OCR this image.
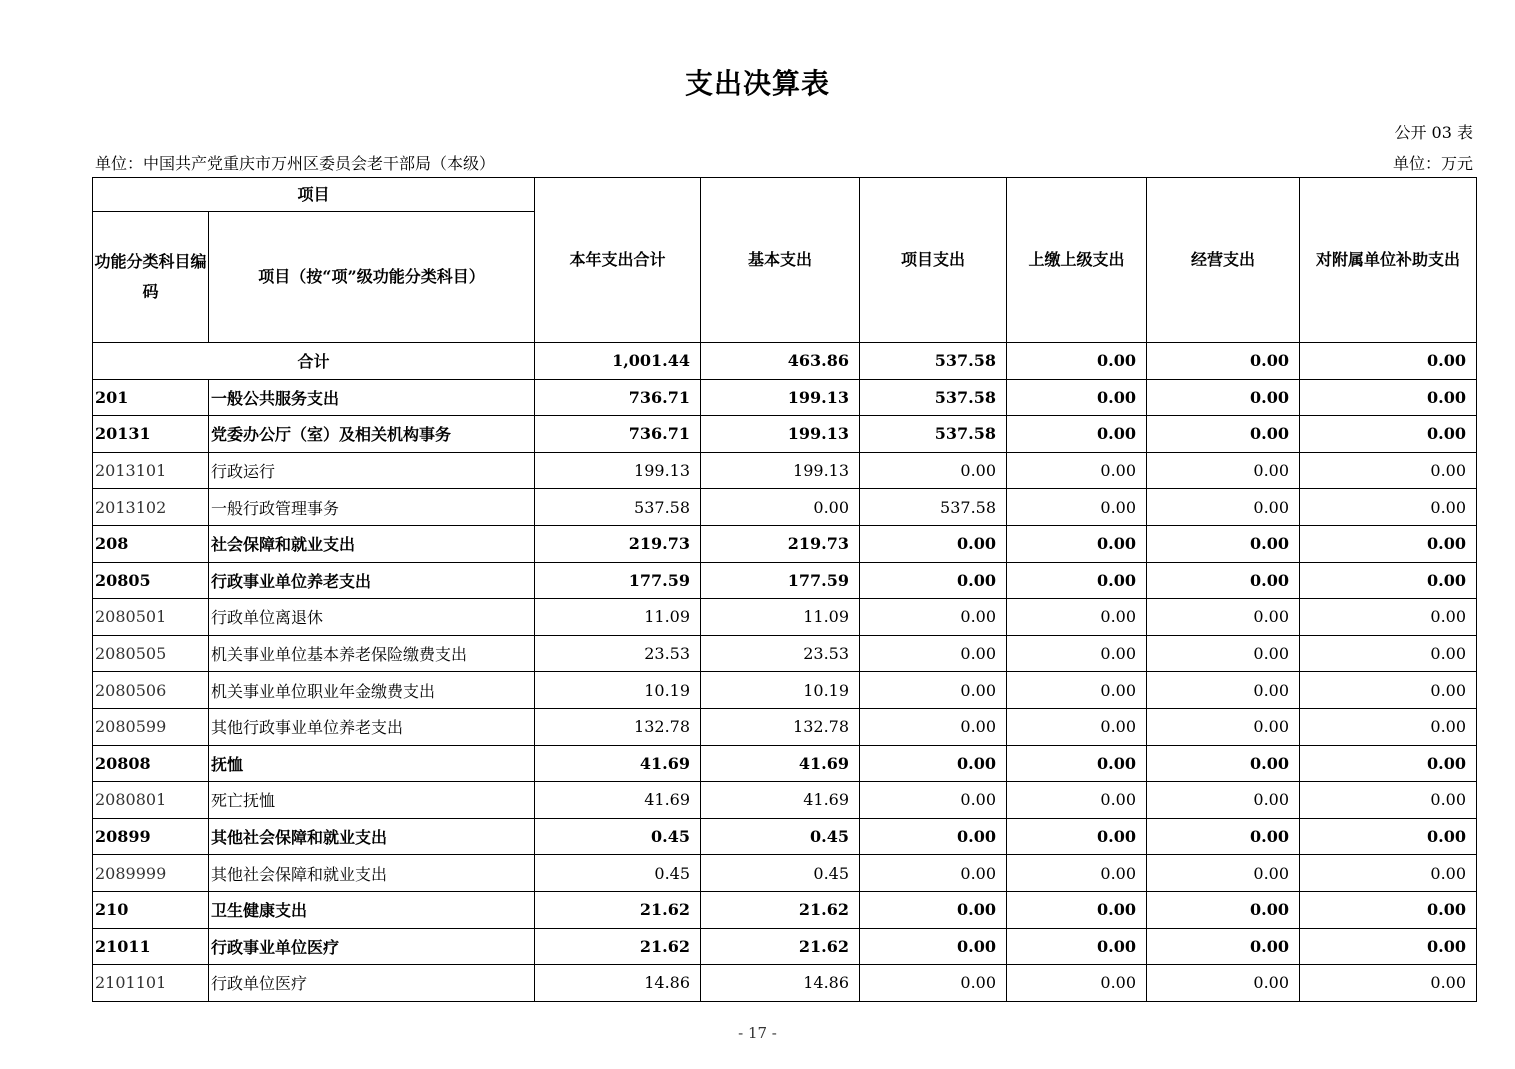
支出决算表
公开 03 表
单位：中国共产党重庆市万州区委员会老干部局（本级）	单位：万元
项目		本年支出合计	基本支出	项目支出	上缴上级支出	经营支出	对附属单位补助支出
功能分类科目编码	项目（按“项”级功能分类科目）						
合计		1,001.44	463.86	537.58	0.00	0.00	0.00
201	一般公共服务支出	736.71	199.13	537.58	0.00	0.00	0.00
20131	党委办公厅（室）及相关机构事务	736.71	199.13	537.58	0.00	0.00	0.00
2013101	行政运行	199.13	199.13	0.00	0.00	0.00	0.00
2013102	一般行政管理事务	537.58	0.00	537.58	0.00	0.00	0.00
208	社会保障和就业支出	219.73	219.73	0.00	0.00	0.00	0.00
20805	行政事业单位养老支出	177.59	177.59	0.00	0.00	0.00	0.00
2080501	行政单位离退休	11.09	11.09	0.00	0.00	0.00	0.00
2080505	机关事业单位基本养老保险缴费支出	23.53	23.53	0.00	0.00	0.00	0.00
2080506	机关事业单位职业年金缴费支出	10.19	10.19	0.00	0.00	0.00	0.00
2080599	其他行政事业单位养老支出	132.78	132.78	0.00	0.00	0.00	0.00
20808	抚恤	41.69	41.69	0.00	0.00	0.00	0.00
2080801	死亡抚恤	41.69	41.69	0.00	0.00	0.00	0.00
20899	其他社会保障和就业支出	0.45	0.45	0.00	0.00	0.00	0.00
2089999	其他社会保障和就业支出	0.45	0.45	0.00	0.00	0.00	0.00
210	卫生健康支出	21.62	21.62	0.00	0.00	0.00	0.00
21011	行政事业单位医疗	21.62	21.62	0.00	0.00	0.00	0.00
2101101	行政单位医疗	14.86	14.86	0.00	0.00	0.00	0.00
- 17 -
